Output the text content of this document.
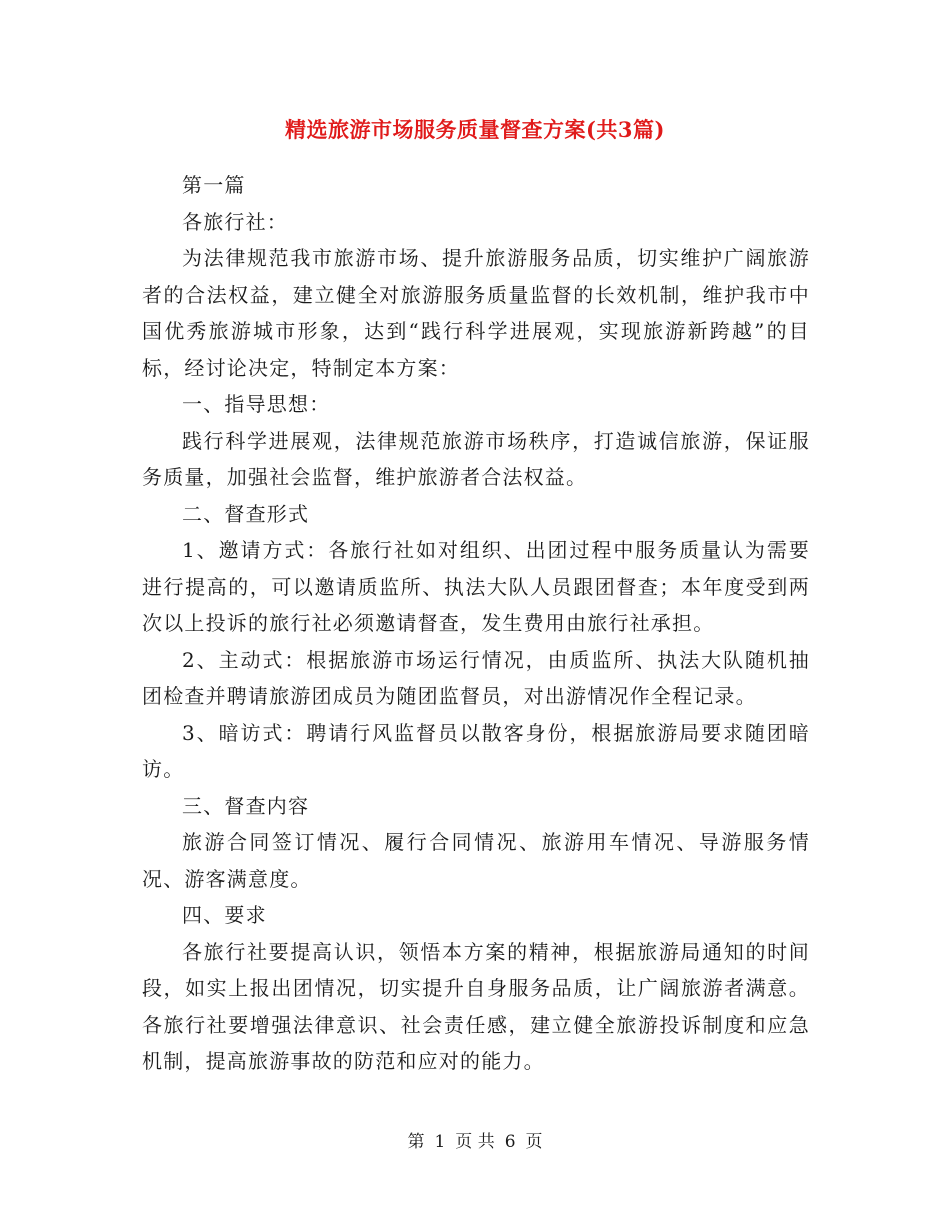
精选旅游市场服务质量督查方案(共3篇)

第一篇

各旅行社：

为法律规范我市旅游市场、提升旅游服务品质，切实维护广阔旅游者的合法权益，建立健全对旅游服务质量监督的长效机制，维护我市中国优秀旅游城市形象，达到“践行科学进展观，实现旅游新跨越”的目标，经讨论决定，特制定本方案：

一、指导思想：

践行科学进展观，法律规范旅游市场秩序，打造诚信旅游，保证服务质量，加强社会监督，维护旅游者合法权益。

二、督查形式

1、邀请方式：各旅行社如对组织、出团过程中服务质量认为需要进行提高的，可以邀请质监所、执法大队人员跟团督查；本年度受到两次以上投诉的旅行社必须邀请督查，发生费用由旅行社承担。

2、主动式：根据旅游市场运行情况，由质监所、执法大队随机抽团检查并聘请旅游团成员为随团监督员，对出游情况作全程记录。

3、暗访式：聘请行风监督员以散客身份，根据旅游局要求随团暗访。

三、督查内容

旅游合同签订情况、履行合同情况、旅游用车情况、导游服务情况、游客满意度。

四、要求

各旅行社要提高认识，领悟本方案的精神，根据旅游局通知的时间段，如实上报出团情况，切实提升自身服务品质，让广阔旅游者满意。各旅行社要增强法律意识、社会责任感，建立健全旅游投诉制度和应急机制，提高旅游事故的防范和应对的能力。

第 1 页 共 6 页
